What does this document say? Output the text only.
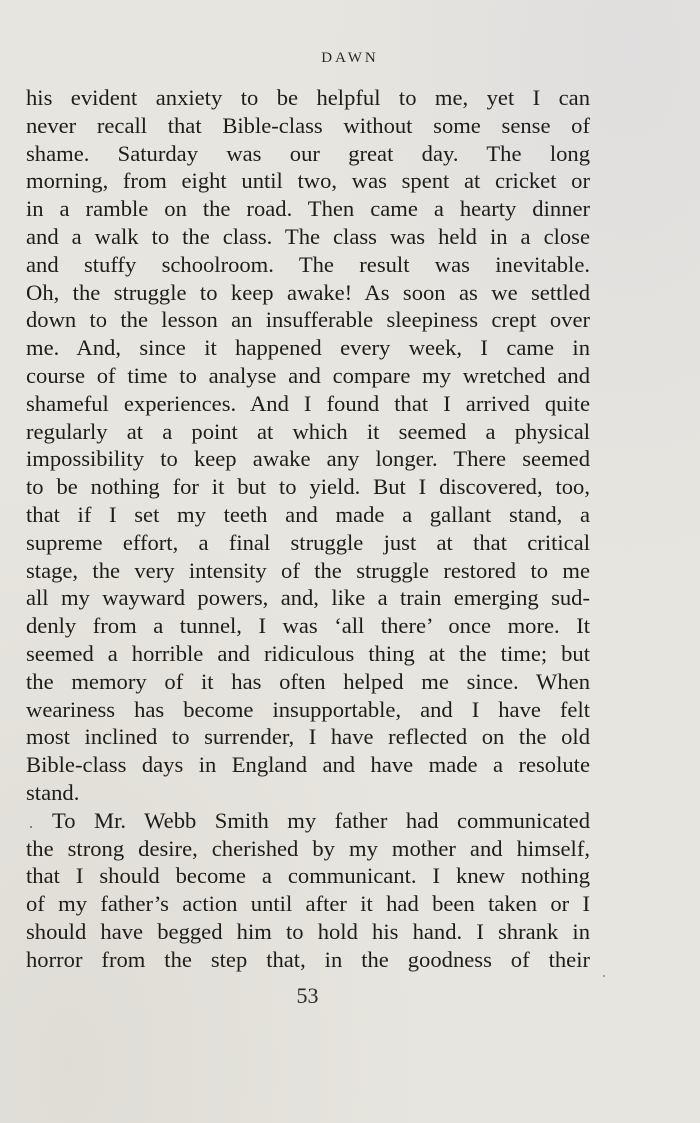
DAWN
his evident anxiety to be helpful to me, yet I can
never recall that Bible-class without some sense of
shame. Saturday was our great day. The long
morning, from eight until two, was spent at cricket or
in a ramble on the road. Then came a hearty dinner
and a walk to the class. The class was held in a close
and stuffy schoolroom. The result was inevitable.
Oh, the struggle to keep awake! As soon as we settled
down to the lesson an insufferable sleepiness crept over
me. And, since it happened every week, I came in
course of time to analyse and compare my wretched and
shameful experiences. And I found that I arrived quite
regularly at a point at which it seemed a physical
impossibility to keep awake any longer. There seemed
to be nothing for it but to yield. But I discovered, too,
that if I set my teeth and made a gallant stand, a
supreme effort, a final struggle just at that critical
stage, the very intensity of the struggle restored to me
all my wayward powers, and, like a train emerging sud-
denly from a tunnel, I was ‘all there’ once more. It
seemed a horrible and ridiculous thing at the time; but
the memory of it has often helped me since. When
weariness has become insupportable, and I have felt
most inclined to surrender, I have reflected on the old
Bible-class days in England and have made a resolute
stand.
To Mr. Webb Smith my father had communicated
the strong desire, cherished by my mother and himself,
that I should become a communicant. I knew nothing
of my father’s action until after it had been taken or I
should have begged him to hold his hand. I shrank in
horror from the step that, in the goodness of their
53
